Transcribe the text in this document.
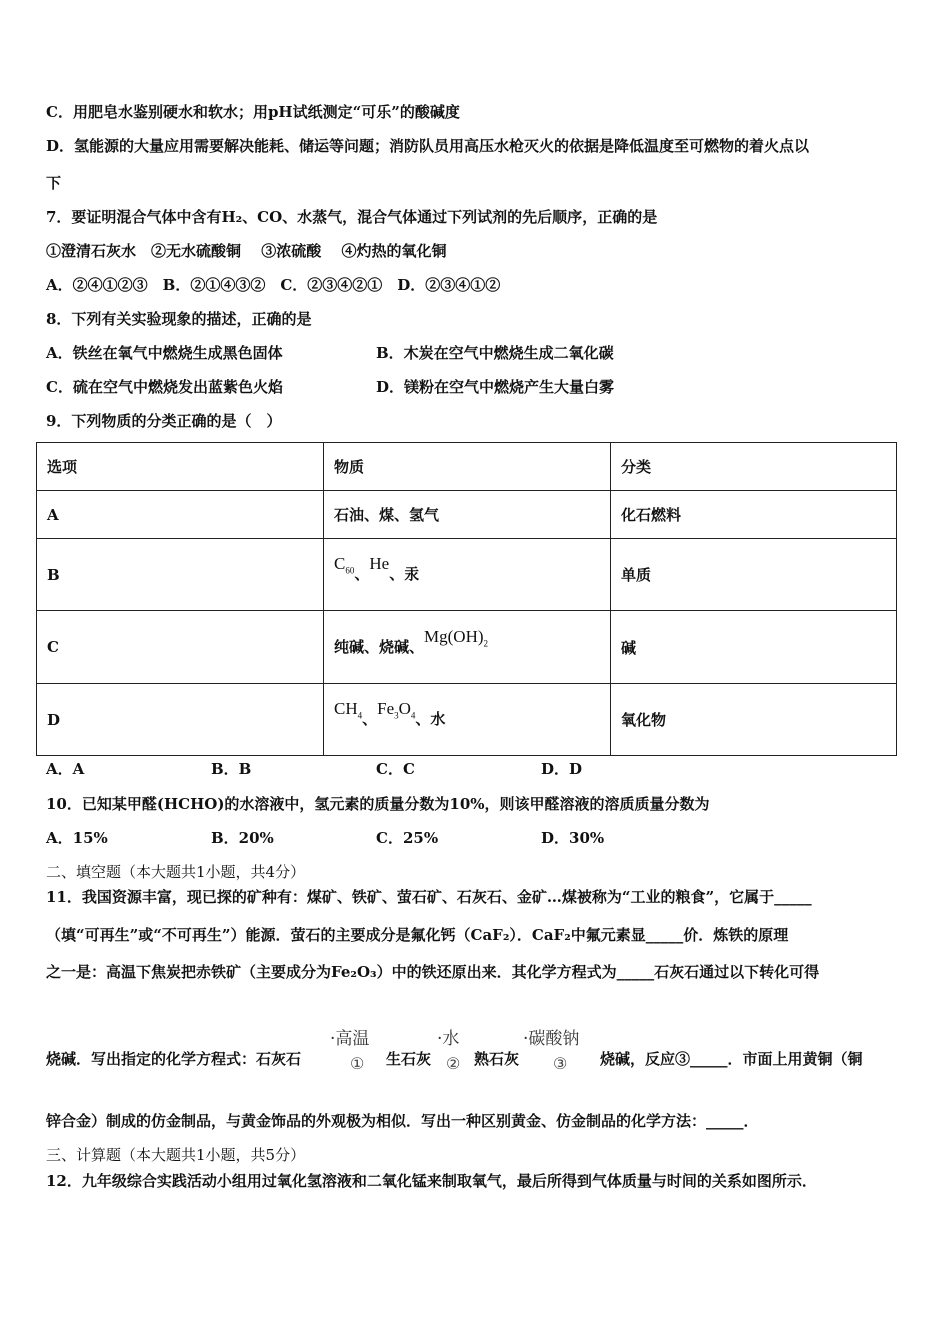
C．用肥皂水鉴别硬水和软水；用pH试纸测定“可乐”的酸碱度
D．氢能源的大量应用需要解决能耗、储运等问题；消防队员用高压水枪灭火的依据是降低温度至可燃物的着火点以
下
7．要证明混合气体中含有H₂、CO、水蒸气，混合气体通过下列试剂的先后顺序，正确的是
①澄清石灰水　②无水硫酸铜　 ③浓硫酸　 ④灼热的氧化铜
A．②④①②③　B．②①④③②　C．②③④②①　D．②③④①②
8．下列有关实验现象的描述，正确的是
A．铁丝在氧气中燃烧生成黑色固体	B．木炭在空气中燃烧生成二氧化碳
C．硫在空气中燃烧发出蓝紫色火焰	D．镁粉在空气中燃烧产生大量白雾
9．下列物质的分类正确的是（　）
选项	物质	分类
A	石油、煤、氢气	化石燃料
B	$C_{60}$、He、汞	单质
C	纯碱、烧碱、$Mg(OH)_2$	碱
D	$CH_4$、$Fe_3O_4$、水	氧化物
A．A	B．B	C．C	D．D
10．已知某甲醛(HCHO)的水溶液中，氢元素的质量分数为10%，则该甲醛溶液的溶质质量分数为
A．15%	B．20%	C．25%	D．30%
二、填空题（本大题共1小题，共4分）
11．我国资源丰富，现已探的矿种有：煤矿、铁矿、萤石矿、石灰石、金矿…煤被称为“工业的粮食”，它属于_____
（填“可再生”或“不可再生”）能源．萤石的主要成分是氟化钙（CaF₂）．CaF₂中氟元素显_____价．炼铁的原理
之一是：高温下焦炭把赤铁矿（主要成分为Fe₂O₃）中的铁还原出来．其化学方程式为_____石灰石通过以下转化可得
·高温	·水	·碳酸钠
烧碱．写出指定的化学方程式：石灰石	① 生石灰 ② 熟石灰 ③ 烧碱，反应③_____．市面上用黄铜（铜
锌合金）制成的仿金制品，与黄金饰品的外观极为相似．写出一种区别黄金、仿金制品的化学方法：_____．
三、计算题（本大题共1小题，共5分）
12．九年级综合实践活动小组用过氧化氢溶液和二氧化锰来制取氧气，最后所得到气体质量与时间的关系如图所示．
